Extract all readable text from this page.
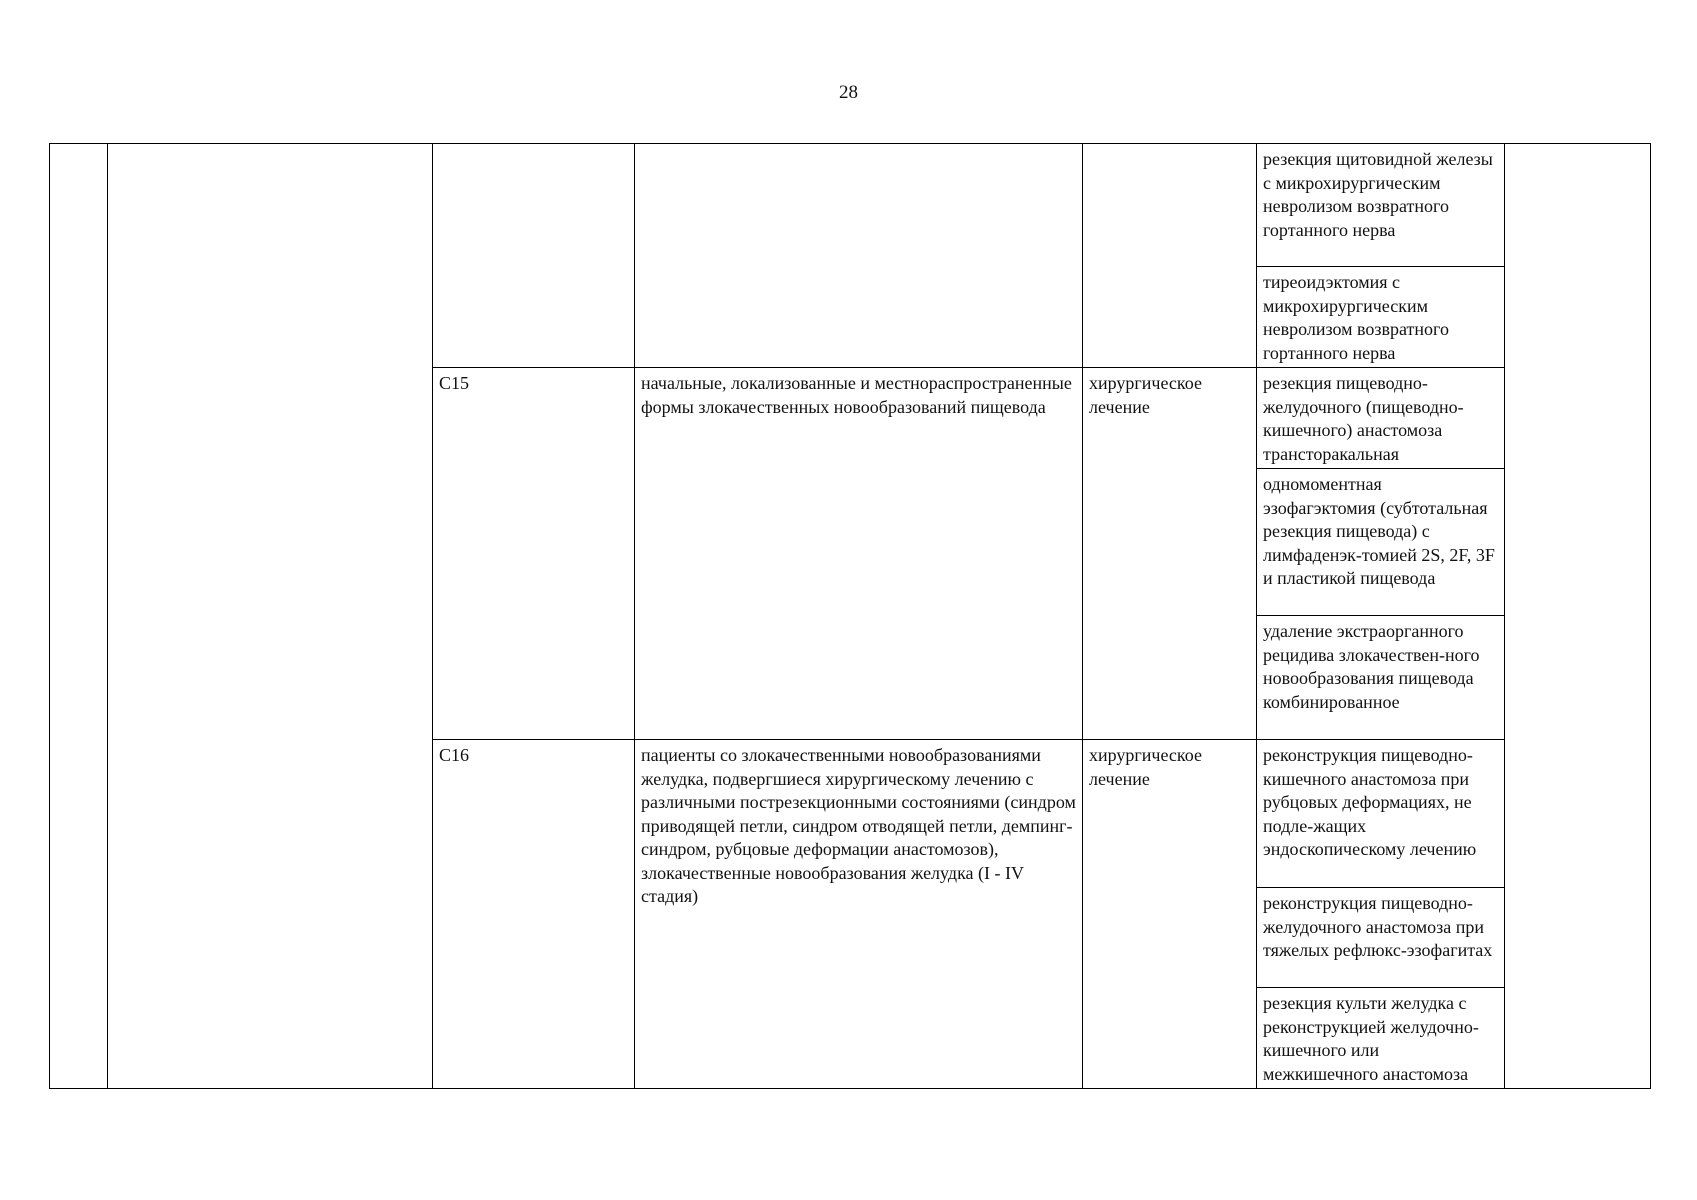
28
					резекция щитовидной железы с микрохирургическим невролизом возвратного гортанного нерва	
					тиреоидэктомия с микрохирургическим невролизом возвратного гортанного нерва	
		С15	начальные, локализованные и местнораспространенные формы злокачественных новообразований пищевода	хирургическое лечение	резекция пищеводно-желудочного (пищеводно-кишечного) анастомоза трансторакальная	
					одномоментная эзофагэктомия (субтотальная резекция пищевода) с лимфаденэк-томией 2S, 2F, 3F и пластикой пищевода	
					удаление экстраорганного рецидива злокачествен-ного новообразования пищевода комбинированное	
		С16	пациенты со злокачественными новообразованиями желудка, подвергшиеся хирургическому лечению с различными пострезекционными состояниями (синдром приводящей петли, синдром отводящей петли, демпинг-синдром, рубцовые деформации анастомозов), злокачественные новообразования желудка (I - IV стадия)	хирургическое лечение	реконструкция пищеводно-кишечного анастомоза при рубцовых деформациях, не подле-жащих эндоскопическому лечению	
					реконструкция пищеводно-желудочного анастомоза при тяжелых рефлюкс-эзофагитах	
					резекция культи желудка с реконструкцией желудочно-кишечного или межкишечного анастомоза	
